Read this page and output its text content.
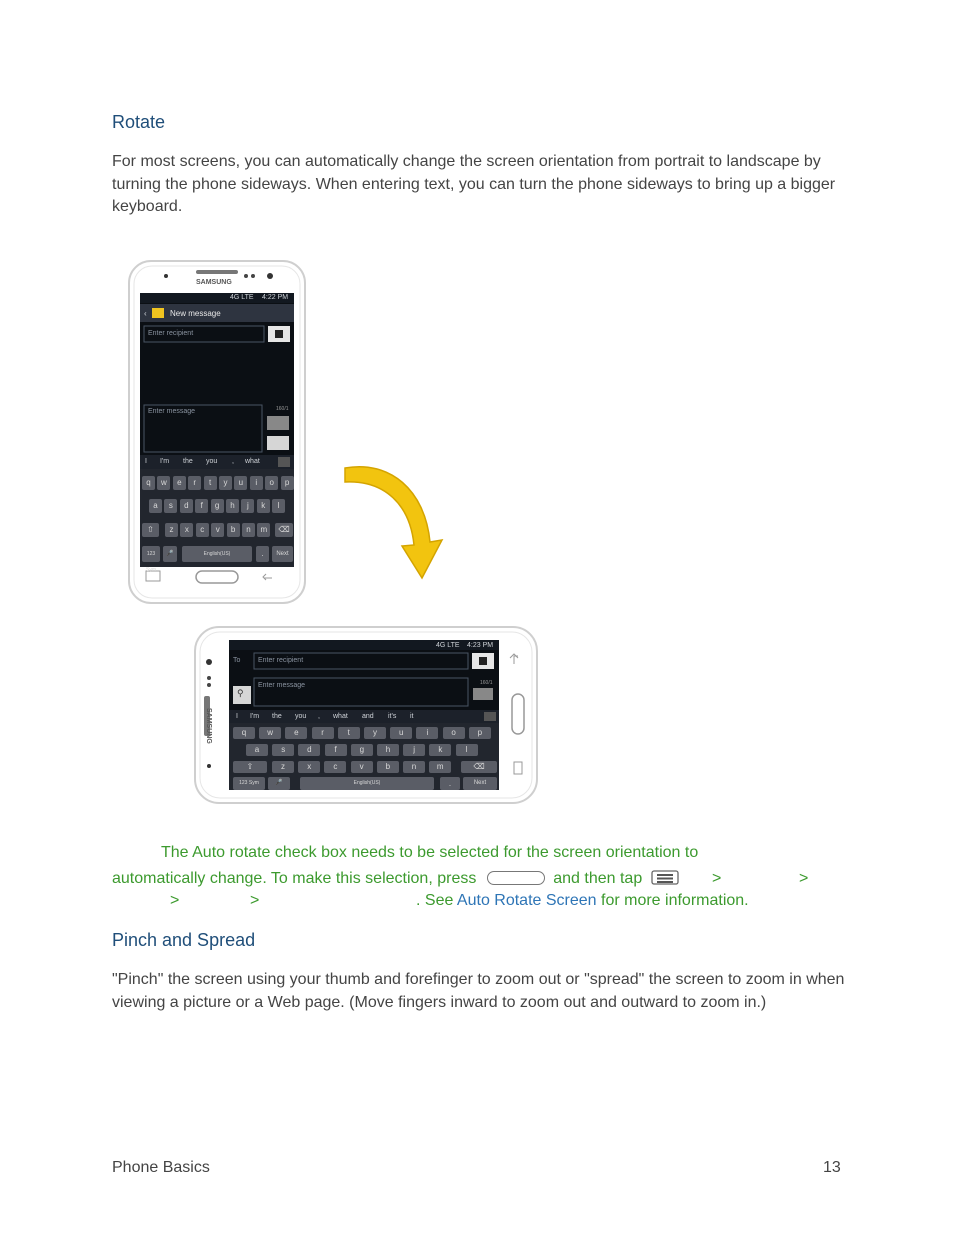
Rotate

For most screens, you can automatically change the screen orientation from portrait to landscape by turning the phone sideways. When entering text, you can turn the phone sideways to bring up a bigger keyboard.

SAMSUNG
4G LTE 4:22 PM
‹	New message
Enter recipient
Enter message	160/1
I I'm the you , what
q	w	e	r	t	y	u	i	o	p
a	s	d	f	g	h	j	k	l
z	x	c	v	b	n	m
⇧	⌫
123 Sym
🎤	English(US)	.	Next
SAMSUNG
4G LTE 4:23 PM
To	Enter recipient
Enter message	160/1
⚲
I I'm the you , what and it's it
q	w	e	r	t	y	u	i	o	p
a	s	d	f	g	h	j	k	l
z	x	c	v	b	n	m
⇧	⌫
123 Sym	🎤	English(US)	.	Next
The Auto rotate check box needs to be selected for the screen orientation to
automatically change. To make this selection, press	and then tap	>	>
>	>	. See Auto Rotate Screen for more information.
Pinch and Spread

"Pinch" the screen using your thumb and forefinger to zoom out or "spread" the screen to zoom in when viewing a picture or a Web page. (Move fingers inward to zoom out and outward to zoom in.)

Phone Basics	13
